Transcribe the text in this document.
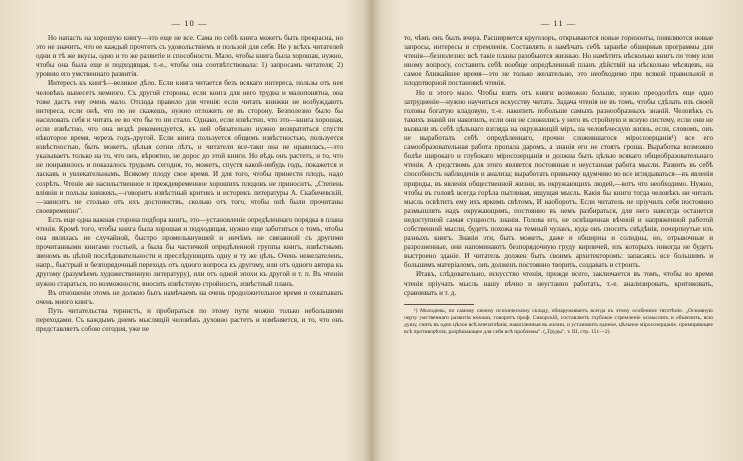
— 10 —

Но напасть на хорошую книгу—это еще не все. Сама по себѣ книга можетъ быть прекрасна, но это не значитъ, что ее каждый прочтетъ съ удовольствіемъ и пользой для себя. Не у всѣхъ читателей одни и тѣ же вкусы, одно и то же развитіе и способности. Мало, чтобы книга была хорошая, нужно, чтобы она была еще и подходящая, т.-е., чтобы она соотвѣтствовала: 1) запросамъ читателя; 2) уровню его умственнаго развитія.

Интересъ къ книгѣ—великое дѣло. Если книга читается безъ всякаго интереса, пользы отъ нея человѣкъ вынесетъ немного. Съ другой стороны, если книга для него трудна и малопонятна, она тоже дастъ ему очень мало. Отсюда правило для чтенія: если читать книжки не возбуждаютъ интереса, если онѣ, что по не скажешь, нужно отложить ее въ сторону. Безполезно было бы насиловать себя и читать ее во что бы то ни стало. Однако, если извѣстно, что это—книга хорошая, если извѣстно, что она вездѣ рекомендуется, къ ней обязательно нужно возвратиться спустя нѣкоторое время, черезъ годъ-другой. Если книга пользуется общимъ извѣстностью, пользуется извѣстностью, быть можетъ, цѣлыя сотни лѣтъ, и читатели все-таки она не нравилась,—это указываетъ только на то, что онъ, вѣроятно, не дорос до этой книги. Но вѣдь онъ растетъ, и то, что не понравилось и показалось трудымъ сегодня, то, можетъ, спустя какой-нибудь годъ, покажется и ласкавъ и увлекательнымъ. Всякому плоду свое время. И для того, чтобы принести плодъ, надо созрѣть. Чтеніе же насильственное и преждевременное хорошихъ плодовъ не приноситъ. „Степень вліянія и пользы книжекъ,—говоритъ извѣстный критикъ и историкъ литературы А. Скабичевскій,—зависитъ не столько отъ ихъ достоинствъ, сколько отъ того, чтобы онѣ были прочитаны своевременно".

Есть еще одна важная сторона подбора книгъ, это—установленіе опредѣленнаго порядка в плана чтенія. Кромѣ того, чтобы книга была хорошая и подходящая, нужно еще заботиться о томъ, чтобы она являлась не случайной, быстро промелькнувшей и ничѣмъ не связанной съ другими прочитанными книгами гостьей, а была бы частичкой опредѣленной группы книгъ, извѣстнымъ звеномъ въ цѣлой послѣдовательности и преслѣдующихъ одну и ту же цѣль. Очень нежелателенъ, напр., быстрый и безпорядочный переходъ отъ одного вопроса къ другому, или отъ одного автора къ другому (разумѣемъ художественную литературу), или отъ одной эпохи къ другой и т. п. Въ чтеніи нужно стараться, по возможности, вносить извѣстную стройность, извѣстный планъ.

Въ отношеніи этомъ не должно быть намѣчаемъ на очень продолжительное время и охватывать очень много книгъ.

Путь читательства тернистъ, и пробираться по этому пути можно только небольшими переходами. Съ каждымъ днемъ мыслящій человѣкъ духовно растетъ и измѣняется, и то, что онъ представляетъ собою сегодня, уже не

— 11 —

то, чѣмъ онъ былъ вчера. Расширяется кругозоръ, открываются новые горизонты, появляются новые запросы, интересы и стремленія. Составлять и намѣчать себѣ заранѣе обширныя программы для чтенія—безполезно: всѣ такіе планы разобьются жизнью. Но намѣтить нѣсколько книгъ по тому или иному вопросу, составить себѣ вообще опредѣленный планъ дѣйствій на нѣсколько мѣсяцевъ, на самое ближайшее время—это не только желательно, это необходимо при всякой правильной и плодотворной постановкѣ чтенія.

Но и этого мало. Чтобы взять отъ книги возможно больше, нужно преодолѣть еще одно затрудненіе—нужно научиться искусству читать. Задача чтенія не въ томъ, чтобы сдѣлать изъ своей головы богатую кладовую, т.-е. накопить побольше самыхъ разнообразныхъ знаній. Человѣкъ съ такихъ знаній ни накопилъ, если они не сложились у него въ стройную и ясную систему, если они не вызвали въ себѣ цѣльнаго взгляда на окружающій міръ, на человѣческую жизнь, если, словомъ, онъ не выработалъ себѣ опредѣленнаго, прочно сложившагося міросозерцанія¹) все его самообразовательная работа пропала даромъ, а знанія его не стоятъ гроша. Выработка возможно болѣе широкаго и глубокаго міросозерцанія и должна быть цѣлью всякаго общеобразовательнаго чтенія. А средствомъ для этого является постоянная и неустанная работа мысли. Развить въ себѣ способность наблюденія и анализа; выработать привычку вдумчиво во все вглядываться—въ явленія природы, въ явленія общественной жизни, въ окружающихъ людей,—вотъ что необходимо. Нужно, чтобы въ головѣ всегда горѣла пытливая, ищущая мысль. Какія бы книги тогда человѣкъ ни читалъ мысль освѣтитъ ему ихъ яркимъ свѣтомъ, И наоборотъ. Если читатель не пріучилъ себя постоянно размышлять надъ окружающимъ, постоянно въ немъ разбираться, для него навсегда останется недоступной самая сущность знанія. Голова его, не освѣщенная вѣчной и напряженной работой собственной мысли, будетъ похожа на темный чуланъ, куда онъ сносить свѣдѣнія, почерпнутые изъ разныхъ книгъ. Знанія эти, быть можетъ, даже и обширны и солидны, но, отрывочные и разрозненные, они напоминаютъ безпорядочную груду кирпичей, изъ которыхъ никогда не будетъ выстроено зданіе. И читатель должен быть своимъ архитекторомъ: запасаясь все большимъ и большимъ матеріаломъ, онъ долженъ постоянно творить, создавать и строить.

Итакъ, слѣдовательно, искусство чтенія, прежде всего, заключается въ томъ, чтобы во время чтенія пріучать мысль нашу вѣчно и неустанно работать, т.-е. анализировать, критиковать, сравнивать и т. д.

¹) Молодежь, по самому своему психическому складу, обнаруживаетъ всегда къ этому особенное тяготѣніе. „Основную черту умственнаго развитія юноши, говоритъ проф. Сикорскій, составляетъ глубокое стремленіе осмыслить и объяснить, всю душу, снять въ одно цѣлое всѣ впечатлѣнія, накопленныя въ жизни, и установить единое, цѣльное міросозерцаніе, примиряющее всѣ противорѣчія, разрѣшающее для себя всѣ проблемы". („Труды", т. III, стр. 151—2).
